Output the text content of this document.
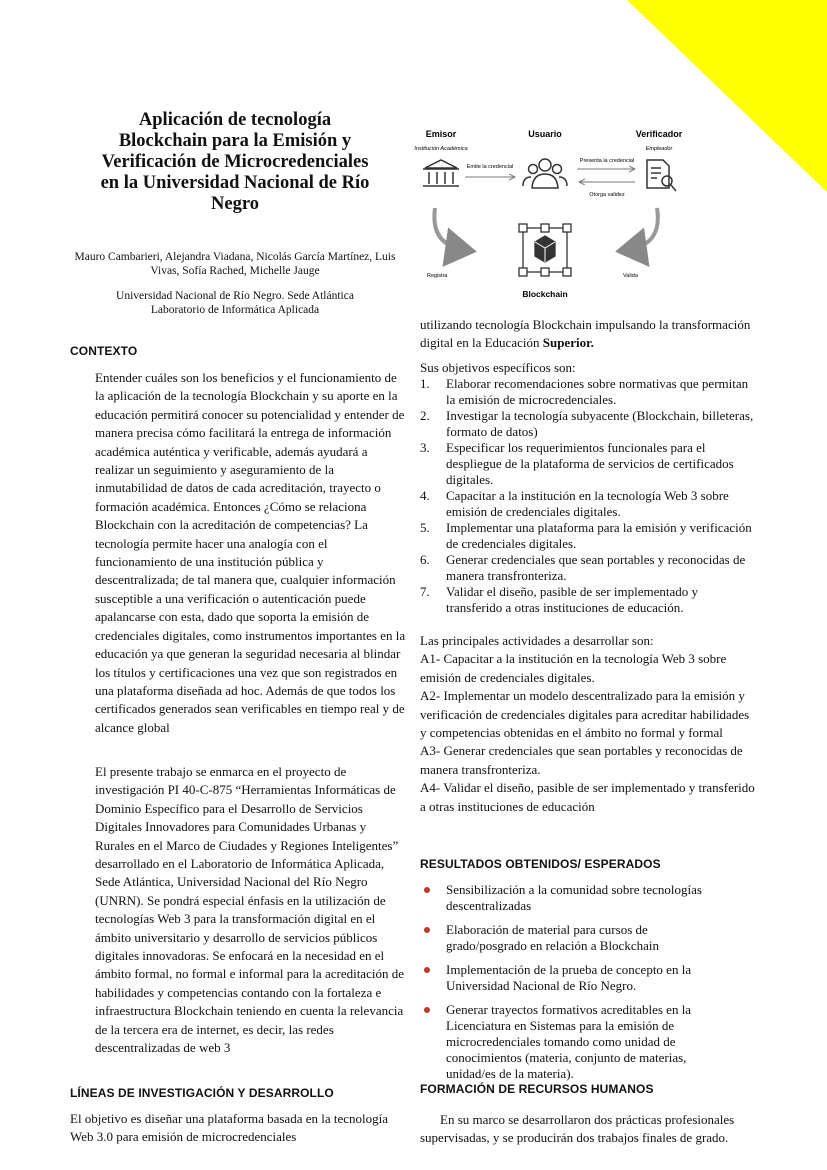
Aplicación de tecnología Blockchain para la Emisión y Verificación de Microcredenciales en la Universidad Nacional de Río Negro
Mauro Cambarieri, Alejandra Viadana, Nicolás García Martínez, Luis Vivas, Sofía Rached, Michelle Jauge
Universidad Nacional de Río Negro. Sede Atlántica
Laboratorio de Informática Aplicada
Emisor
Institución Académica
Usuario	Verificador
Empleador
Emite la credencial
Presenta la credencial
Otorga validez
Registra	Valida
Blockchain
CONTEXTO

Entender cuáles son los beneficios y el funcionamiento de la aplicación de la tecnología Blockchain y su aporte en la educación permitirá conocer su potencialidad y entender de manera precisa cómo facilitará la entrega de información académica auténtica y verificable, además ayudará a realizar un seguimiento y aseguramiento de la inmutabilidad de datos de cada acreditación, trayecto o formación académica. Entonces ¿Cómo se relaciona Blockchain con la acreditación de competencias? La tecnología permite hacer una analogía con el funcionamiento de una institución pública y descentralizada; de tal manera que, cualquier información susceptible a una verificación o autenticación puede apalancarse con esta, dado que soporta la emisión de credenciales digitales, como instrumentos importantes en la educación ya que generan la seguridad necesaria al blindar los títulos y certificaciones una vez que son registrados en una plataforma diseñada ad hoc. Además de que todos los certificados generados sean verificables en tiempo real y de alcance global

El presente trabajo se enmarca en el proyecto de investigación PI 40-C-875 “Herramientas Informáticas de Dominio Específico para el Desarrollo de Servicios Digitales Innovadores para Comunidades Urbanas y Rurales en el Marco de Ciudades y Regiones Inteligentes” desarrollado en el Laboratorio de Informática Aplicada, Sede Atlántica, Universidad Nacional del Río Negro (UNRN). Se pondrá especial énfasis en la utilización de tecnologías Web 3 para la transformación digital en el ámbito universitario y desarrollo de servicios públicos digitales innovadoras. Se enfocará en la necesidad en el ámbito formal, no formal e informal para la acreditación de habilidades y competencias contando con la fortaleza e infraestructura Blockchain teniendo en cuenta la relevancia de la tercera era de internet, es decir, las redes descentralizadas de web 3

LÍNEAS DE INVESTIGACIÓN Y DESARROLLO

El objetivo es diseñar una plataforma basada en la tecnología Web 3.0 para emisión de microcredenciales

utilizando tecnología Blockchain impulsando la transformación digital en la Educación Superior.

Sus objetivos específicos son:

1. Elaborar recomendaciones sobre normativas que permitan la emisión de microcredenciales.
2. Investigar la tecnología subyacente (Blockchain, billeteras, formato de datos)
3. Especificar los requerimientos funcionales para el despliegue de la plataforma de servicios de certificados digitales.
4. Capacitar a la institución en la tecnología Web 3 sobre emisión de credenciales digitales.
5. Implementar una plataforma para la emisión y verificación de credenciales digitales.
6. Generar credenciales que sean portables y reconocidas de manera transfronteriza.
7. Validar el diseño, pasible de ser implementado y transferido a otras instituciones de educación.

Las principales actividades a desarrollar son:

A1- Capacitar a la institución en la tecnología Web 3 sobre emisión de credenciales digitales.

A2- Implementar un modelo descentralizado para la emisión y verificación de credenciales digitales para acreditar habilidades y competencias obtenidas en el ámbito no formal y formal

A3- Generar credenciales que sean portables y reconocidas de manera transfronteriza.

A4- Validar el diseño, pasible de ser implementado y transferido a otras instituciones de educación

RESULTADOS OBTENIDOS/ ESPERADOS
Sensibilización a la comunidad sobre tecnologías descentralizadas
Elaboración de material para cursos de grado/posgrado en relación a Blockchain
Implementación de la prueba de concepto en la Universidad Nacional de Río Negro.
Generar trayectos formativos acreditables en la Licenciatura en Sistemas para la emisión de microcredenciales tomando como unidad de conocimientos (materia, conjunto de materias, unidad/es de la materia).
FORMACIÓN DE RECURSOS HUMANOS

En su marco se desarrollaron dos prácticas profesionales supervisadas, y se producirán dos trabajos finales de grado.
